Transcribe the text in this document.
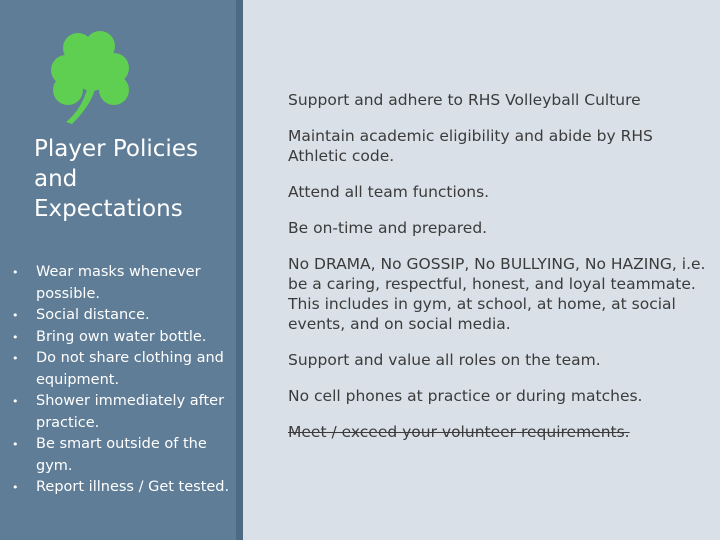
Player Policies and Expectations
• Wear masks whenever possible.
• Social distance.
• Bring own water bottle.
• Do not share clothing and equipment.
• Shower immediately after practice.
• Be smart outside of the gym.
• Report illness / Get tested.
Support and adhere to RHS Volleyball Culture
Maintain academic eligibility and abide by RHS Athletic code.
Attend all team functions.
Be on-time and prepared.
No DRAMA, No GOSSIP, No BULLYING, No HAZING, i.e. be a caring, respectful, honest, and loyal teammate. This includes in gym, at school, at home, at social events, and on social media.
Support and value all roles on the team.
No cell phones at practice or during matches.
Meet / exceed your volunteer requirements.
